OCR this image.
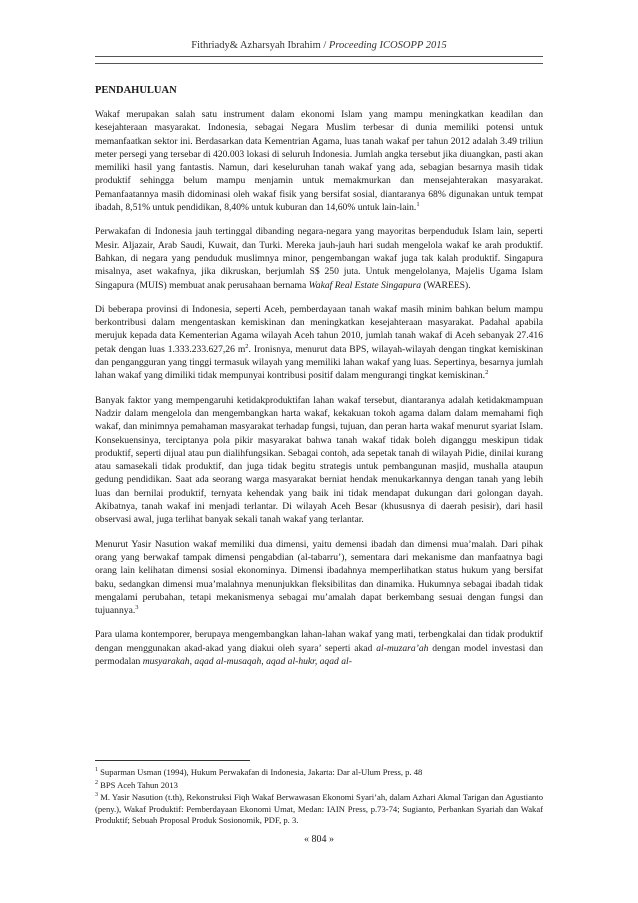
Fithriady& Azharsyah Ibrahim / Proceeding ICOSOPP 2015
PENDAHULUAN

Wakaf merupakan salah satu instrument dalam ekonomi Islam yang mampu meningkatkan keadilan dan kesejahteraan masyarakat. Indonesia, sebagai Negara Muslim terbesar di dunia memiliki potensi untuk memanfaatkan sektor ini. Berdasarkan data Kementrian Agama, luas tanah wakaf per tahun 2012 adalah 3.49 triliun meter persegi yang tersebar di 420.003 lokasi di seluruh Indonesia. Jumlah angka tersebut jika diuangkan, pasti akan memiliki hasil yang fantastis. Namun, dari keseluruhan tanah wakaf yang ada, sebagian besarnya masih tidak produktif sehingga belum mampu menjamin untuk memakmurkan dan mensejahterakan masyarakat. Pemanfaatannya masih didominasi oleh wakaf fisik yang bersifat sosial, diantaranya 68% digunakan untuk tempat ibadah, 8,51% untuk pendidikan, 8,40% untuk kuburan dan 14,60% untuk lain-lain.$^1$

Perwakafan di Indonesia jauh tertinggal dibanding negara-negara yang mayoritas berpenduduk Islam lain, seperti Mesir. Aljazair, Arab Saudi, Kuwait, dan Turki. Mereka jauh-jauh hari sudah mengelola wakaf ke arah produktif. Bahkan, di negara yang penduduk muslimnya minor, pengembangan wakaf juga tak kalah produktif. Singapura misalnya, aset wakafnya, jika dikruskan, berjumlah S$ 250 juta. Untuk mengelolanya, Majelis Ugama Islam Singapura (MUIS) membuat anak perusahaan bernama Wakaf Real Estate Singapura (WAREES).

Di beberapa provinsi di Indonesia, seperti Aceh, pemberdayaan tanah wakaf masih minim bahkan belum mampu berkontribusi dalam mengentaskan kemiskinan dan meningkatkan kesejahteraan masyarakat. Padahal apabila merujuk kepada data Kementerian Agama wilayah Aceh tahun 2010, jumlah tanah wakaf di Aceh sebanyak 27.416 petak dengan luas 1.333.233.627,26 $m^2$. Ironisnya, menurut data BPS, wilayah-wilayah dengan tingkat kemiskinan dan pengangguran yang tinggi termasuk wilayah yang memiliki lahan wakaf yang luas. Sepertinya, besarnya jumlah lahan wakaf yang dimiliki tidak mempunyai kontribusi positif dalam mengurangi tingkat kemiskinan.$^2$

Banyak faktor yang mempengaruhi ketidakproduktifan lahan wakaf tersebut, diantaranya adalah ketidakmampuan Nadzir dalam mengelola dan mengembangkan harta wakaf, kekakuan tokoh agama dalam dalam memahami fiqh wakaf, dan minimnya pemahaman masyarakat terhadap fungsi, tujuan, dan peran harta wakaf menurut syariat Islam. Konsekuensinya, terciptanya pola pikir masyarakat bahwa tanah wakaf tidak boleh diganggu meskipun tidak produktif, seperti dijual atau pun dialihfungsikan. Sebagai contoh, ada sepetak tanah di wilayah Pidie, dinilai kurang atau samasekali tidak produktif, dan juga tidak begitu strategis untuk pembangunan masjid, mushalla ataupun gedung pendidikan. Saat ada seorang warga masyarakat berniat hendak menukarkannya dengan tanah yang lebih luas dan bernilai produktif, ternyata kehendak yang baik ini tidak mendapat dukungan dari golongan dayah. Akibatnya, tanah wakaf ini menjadi terlantar. Di wilayah Aceh Besar (khususnya di daerah pesisir), dari hasil observasi awal, juga terlihat banyak sekali tanah wakaf yang terlantar.

Menurut Yasir Nasution wakaf memiliki dua dimensi, yaitu demensi ibadah dan dimensi mua’malah. Dari pihak orang yang berwakaf tampak dimensi pengabdian (al-tabarru’), sementara dari mekanisme dan manfaatnya bagi orang lain kelihatan dimensi sosial ekonominya. Dimensi ibadahnya memperlihatkan status hukum yang bersifat baku, sedangkan dimensi mua’malahnya menunjukkan fleksibilitas dan dinamika. Hukumnya sebagai ibadah tidak mengalami perubahan, tetapi mekanismenya sebagai mu’amalah dapat berkembang sesuai dengan fungsi dan tujuannya.$^3$

Para ulama kontemporer, berupaya mengembangkan lahan-lahan wakaf yang mati, terbengkalai dan tidak produktif dengan menggunakan akad-akad yang diakui oleh syara’ seperti akad al-muzara’ah dengan model investasi dan permodalan musyarakah, aqad al-musaqah, aqad al-hukr, aqad al-

$^1$ Suparman Usman (1994), Hukum Perwakafan di Indonesia, Jakarta: Dar al-Ulum Press, p. 48

$^2$ BPS Aceh Tahun 2013

$^3$ M. Yasir Nasution (t.th), Rekonstruksi Fiqh Wakaf Berwawasan Ekonomi Syari’ah, dalam Azhari Akmal Tarigan dan Agustianto (peny.), Wakaf Produktif: Pemberdayaan Ekonomi Umat, Medan: IAIN Press, p.73-74; Sugianto, Perbankan Syariah dan Wakaf Produktif; Sebuah Proposal Produk Sosionomik, PDF, p. 3.

« 804 »
